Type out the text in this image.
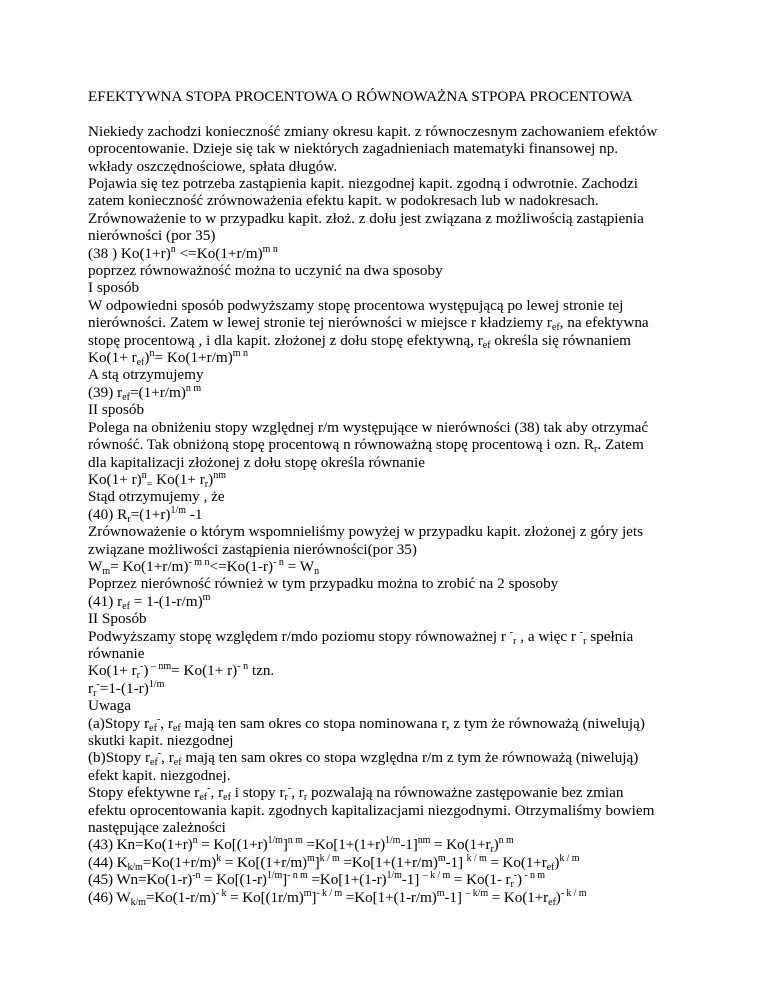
EFEKTYWNA STOPA PROCENTOWA O RÓWNOWAŻNA STPOPA PROCENTOWA
Niekiedy zachodzi konieczność zmiany okresu kapit. z równoczesnym zachowaniem efektów
oprocentowanie. Dzieje się tak w niektórych zagadnieniach matematyki finansowej np.
wkłady oszczędnościowe, spłata długów.
Pojawia się tez potrzeba zastąpienia kapit. niezgodnej kapit. zgodną i odwrotnie. Zachodzi
zatem konieczność zrównoważenia efektu kapit. w podokresach lub w nadokresach.
Zrównoważenie to w przypadku kapit. złoż. z dołu jest związana z możliwością zastąpienia
nierówności (por 35)
(38 ) $Ko(1+r)^n <=Ko(1+r/m)^{m n}$
poprzez równoważność można to uczynić na dwa sposoby
I sposób
W odpowiedni sposób podwyższamy stopę procentowa występującą po lewej stronie tej
nierówności. Zatem w lewej stronie tej nierówności w miejsce r kładziemy $r_{ef}$, na efektywna
stopę procentową , i dla kapit. złożonej z dołu stopę efektywną, $r_{ef}$ określa się równaniem
$Ko(1+ r_{ef})^n= Ko(1+r/m)^{m n}$
A stą otrzymujemy
(39) $r_{ef}=(1+r/m)^{n m}$
II sposób
Polega na obniżeniu stopy względnej r/m występujące w nierówności (38) tak aby otrzymać
równość. Tak obniżoną stopę procentową n równoważną stopę procentową i ozn. $R_r$. Zatem
dla kapitalizacji złożonej z dołu stopę określa równanie
$Ko(1+ r)^n_=$ $Ko(1+ r_r)^{nm}$
Stąd otrzymujemy , że
(40) $R_r=(1+r)^{1/m}$ -1
Zrównoważenie o którym wspomnieliśmy powyżej w przypadku kapit. złożonej z góry jets
związane możliwości zastąpienia nierówności(por 35)
$W_m= Ko(1+r/m)^{- m n}<=Ko(1-r)^{- n} = W_n$
Poprzez nierówność również w tym przypadku można to zrobić na 2 sposoby
(41) $r_{ef} = 1-(1-r/m)^m$
II Sposób
Podwyższamy stopę względem r/mdo poziomu stopy równoważnej r -$_r$ , a więc r -$_r$ spełnia
równanie
$Ko(1+ r_r^-)$ $^{- nm}= Ko(1+ r)^{- n}$ tzn.
$r_r^-=1-(1-r)^{1/m}$
Uwaga
(a)Stopy $r_{ef}^-$, $r_{ef}$ mają ten sam okres co stopa nominowana r, z tym że równoważą (niwelują)
skutki kapit. niezgodnej
(b)Stopy $r_{ef}^-$, $r_{ef}$ mają ten sam okres co stopa względna r/m z tym że równoważą (niwelują)
efekt kapit. niezgodnej.
Stopy efektywne $r_{ef}^-$, $r_{ef}$ i stopy $r_r^-$, $r_r$ pozwalają na równoważne zastępowanie bez zmian
efektu oprocentowania kapit. zgodnych kapitalizacjami niezgodnymi. Otrzymaliśmy bowiem
następujące zależności
(43) $Kn=Ko(1+r)^n = Ko[(1+r)^{1/m}]^{n m} =Ko[1+(1+r)^{1/m}-1]^{nm} = Ko(1+r_r)^{n m}$
(44) $K_{k/m}=Ko(1+r/m)^k = Ko[(1+r/m)^m]^{k / m} =Ko[1+(1+r/m)^m-1] ^{k / m} = Ko(1+r_{ef})^{k / m}$
(45) $Wn=Ko(1-r)^{-n} = Ko[(1-r)^{1/m}]^{- n m} =Ko[1+(1-r)^{1/m}-1] ^{- k / m} = Ko(1-$ $r_r^-$) $^{- n m}$
(46) $W_{k/m}=Ko(1-r/m)^{- k} = Ko[(1r/m)^m]^{- k / m} =Ko[1+(1-r/m)^m-1] ^{- k/m} = Ko(1+r_{ef})^{- k / m}$
